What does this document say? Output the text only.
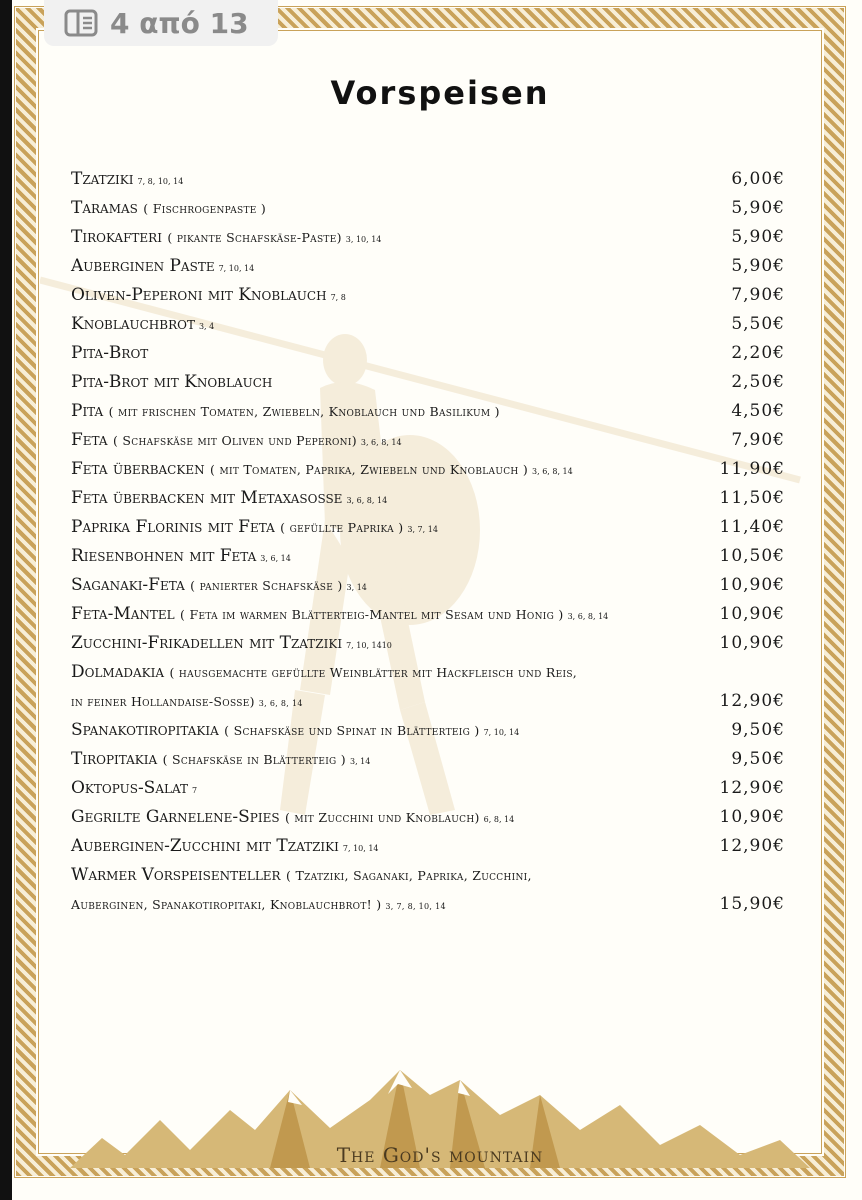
4 από 13
Vorspeisen
Tzatziki 7, 8, 10, 14	6,00€
Taramas ( Fischrogenpaste )	5,90€
Tirokafteri ( pikante Schafskäse-Paste) 3, 10, 14	5,90€
Auberginen Paste 7, 10, 14	5,90€
Oliven-Peperoni mit Knoblauch 7, 8	7,90€
Knoblauchbrot 3, 4	5,50€
Pita-Brot	2,20€
Pita-Brot mit Knoblauch	2,50€
Pita ( mit frischen Tomaten, Zwiebeln, Knoblauch und Basilikum )	4,50€
Feta ( Schafskäse mit Oliven und Peperoni) 3, 6, 8, 14	7,90€
Feta überbacken ( mit Tomaten, Paprika, Zwiebeln und Knoblauch ) 3, 6, 8, 14	11,90€
Feta überbacken mit Metaxasosse 3, 6, 8, 14	11,50€
Paprika Florinis mit Feta ( gefüllte Paprika ) 3, 7, 14	11,40€
Riesenbohnen mit Feta 3, 6, 14	10,50€
Saganaki-Feta ( panierter Schafskäse ) 3, 14	10,90€
Feta-Mantel ( Feta im warmen Blätterteig-Mantel mit Sesam und Honig ) 3, 6, 8, 14	10,90€
Zucchini-Frikadellen mit Tzatziki 7, 10, 1410	10,90€
Dolmadakia ( hausgemachte gefüllte Weinblätter mit Hackfleisch und Reis,
in feiner Hollandaise-Sosse) 3, 6, 8, 14	12,90€
Spanakotiropitakia ( Schafskäse und Spinat in Blätterteig ) 7, 10, 14	9,50€
Tiropitakia ( Schafskäse in Blätterteig ) 3, 14	9,50€
Oktopus-Salat 7	12,90€
Gegrilte Garnelene-Spies ( mit Zucchini und Knoblauch) 6, 8, 14	10,90€
Auberginen-Zucchini mit Tzatziki 7, 10, 14	12,90€
Warmer Vorspeisenteller ( Tzatziki, Saganaki, Paprika, Zucchini,
Auberginen, Spanakotiropitaki, Knoblauchbrot! ) 3, 7, 8, 10, 14	15,90€
The God's mountain
